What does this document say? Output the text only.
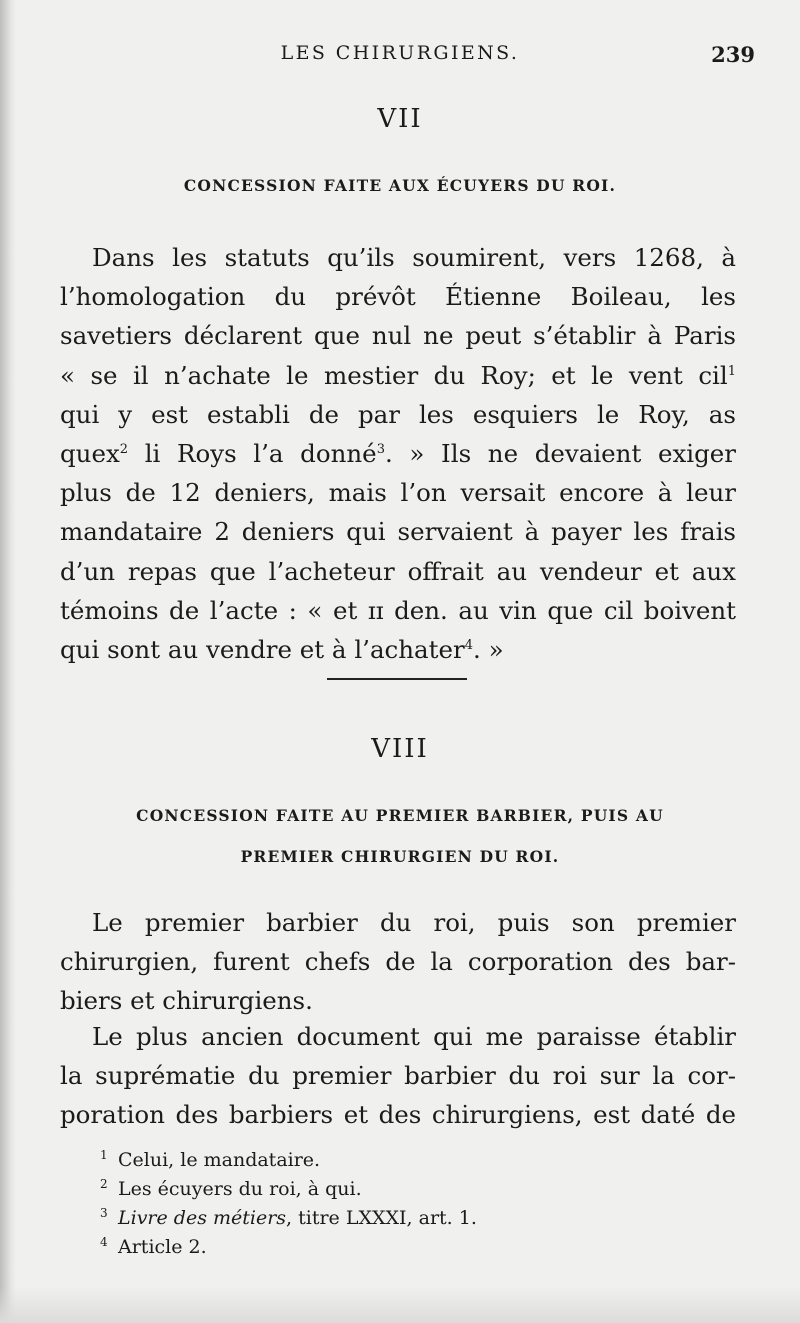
LES CHIRURGIENS.	239
VII
CONCESSION FAITE AUX ÉCUYERS DU ROI.

Dans les statuts qu’ils soumirent, vers 1268, à
l’homologation du prévôt Étienne Boileau, les
savetiers déclarent que nul ne peut s’établir à Paris
« se il n’achate le mestier du Roy; et le vent cil$^1$
qui y est establi de par les esquiers le Roy, as
quex$^2$ li Roys l’a donné$^3$. » Ils ne devaient exiger
plus de 12 deniers, mais l’on versait encore à leur
mandataire 2 deniers qui servaient à payer les frais
d’un repas que l’acheteur offrait au vendeur et aux
témoins de l’acte : « et ɪɪ den. au vin que cil boivent
qui sont au vendre et à l’achater$^4$. »

VIII
CONCESSION FAITE AU PREMIER BARBIER, PUIS AU
PREMIER CHIRURGIEN DU ROI.

Le premier barbier du roi, puis son premier
chirurgien, furent chefs de la corporation des bar-
biers et chirurgiens.

Le plus ancien document qui me paraisse établir
la suprématie du premier barbier du roi sur la cor-
poration des barbiers et des chirurgiens, est daté de

1 Celui, le mandataire.
2 Les écuyers du roi, à qui.
3 Livre des métiers, titre LXXXI, art. 1.
4 Article 2.
